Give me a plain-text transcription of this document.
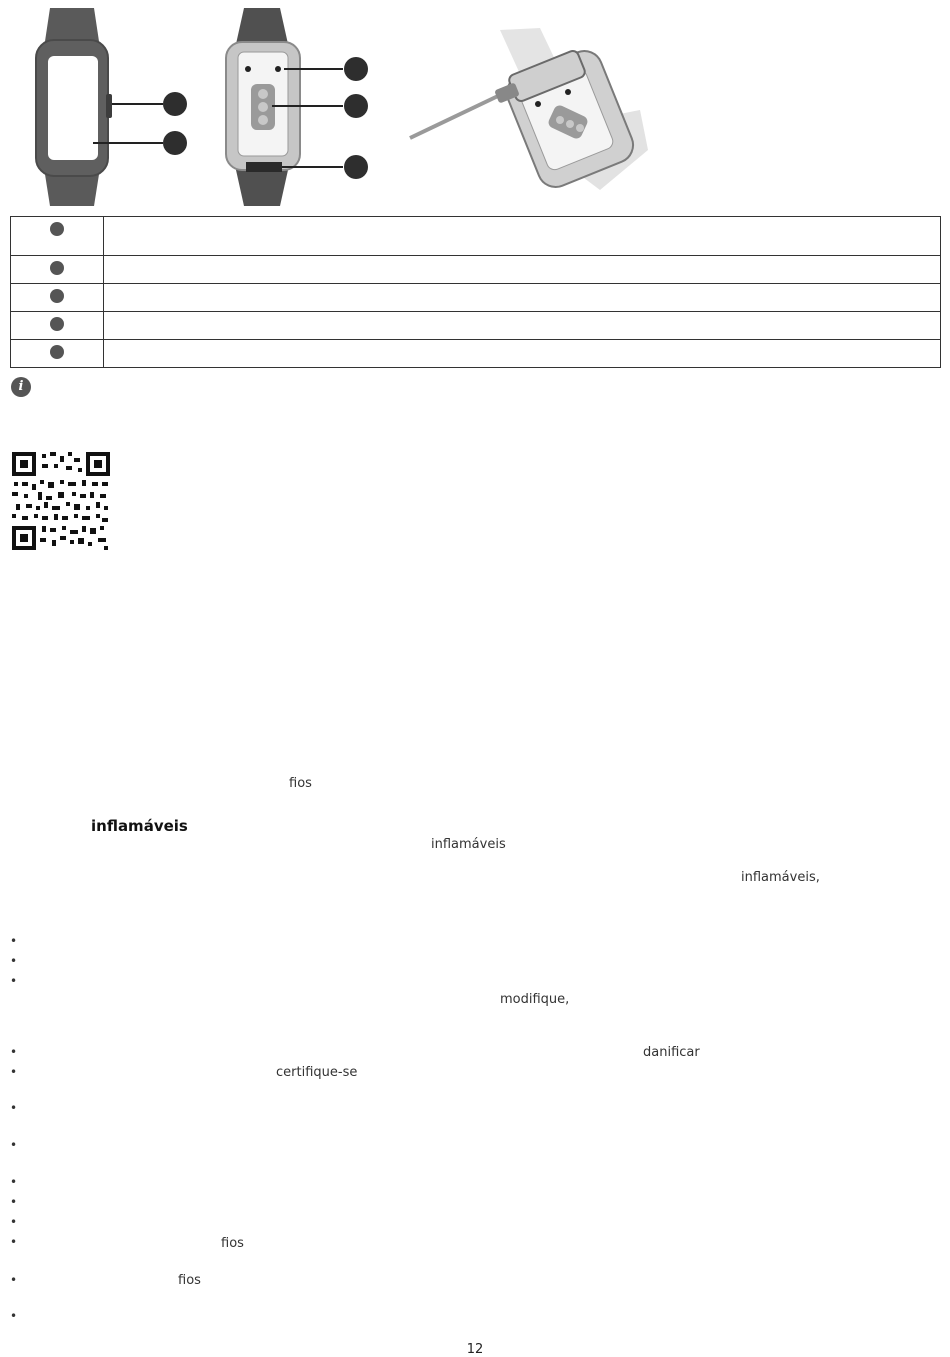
i
fios
inflamáveis
inflamáveis
inflamáveis,
•
•
•
modifique,
•	danificar
•	certifique-se
•
•
•
•
•
•	fios
•	fios
•
12
